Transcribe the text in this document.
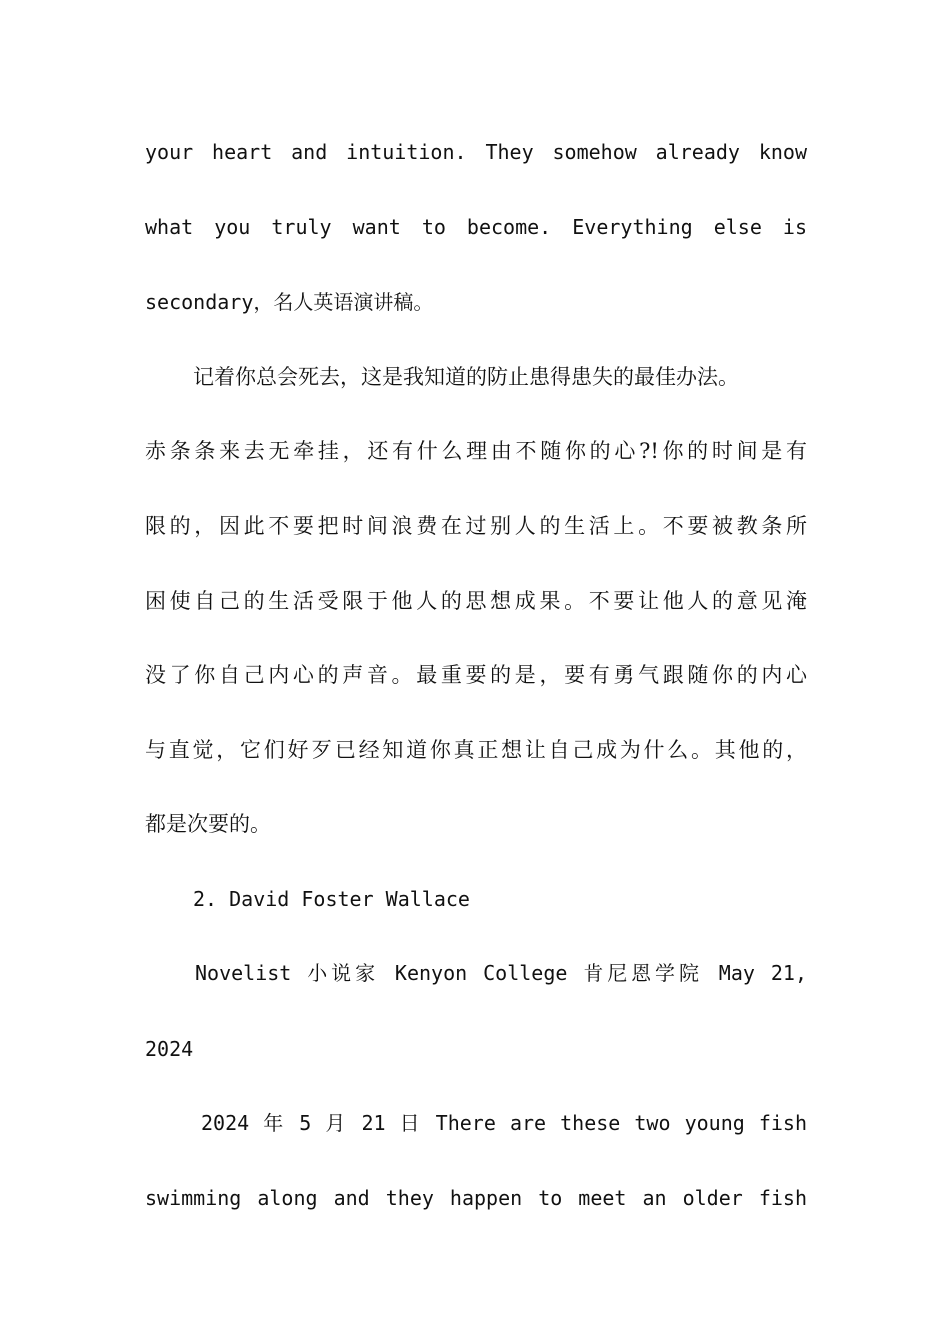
your heart and intuition. They somehow already know
what you truly want to become. Everything else is
secondary，名人英语演讲稿。
记着你总会死去，这是我知道的防止患得患失的最佳办法。
赤条条来去无牵挂，还有什么理由不随你的心?!你的时间是有
限的，因此不要把时间浪费在过别人的生活上。不要被教条所
困使自己的生活受限于他人的思想成果。不要让他人的意见淹
没了你自己内心的声音。最重要的是，要有勇气跟随你的内心
与直觉，它们好歹已经知道你真正想让自己成为什么。其他的，
都是次要的。
2. David Foster Wallace
Novelist 小说家 Kenyon College 肯尼恩学院 May 21,
2024
2024 年 5 月 21 日 There are these two young fish
swimming along and they happen to meet an older fish
